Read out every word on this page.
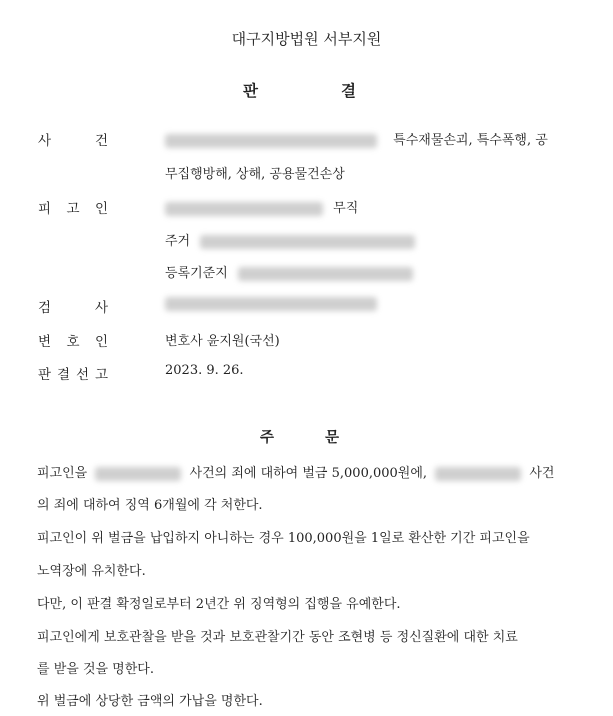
대구지방법원 서부지원
판	결
사	건	특수재물손괴, 특수폭행, 공
무집행방해, 상해, 공용물건손상
피 고 인	무직
주거
등록기준지
검	사
변 호 인	변호사 윤지원(국선)
판 결 선 고	2023. 9. 26.
주	문
피고인을	사건의 죄에 대하여 벌금 5,000,000원에,	사건
의 죄에 대하여 징역 6개월에 각 처한다.
피고인이 위 벌금을 납입하지 아니하는 경우 100,000원을 1일로 환산한 기간 피고인을
노역장에 유치한다.
다만, 이 판결 확정일로부터 2년간 위 징역형의 집행을 유예한다.
피고인에게 보호관찰을 받을 것과 보호관찰기간 동안 조현병 등 정신질환에 대한 치료
를 받을 것을 명한다.
위 벌금에 상당한 금액의 가납을 명한다.
